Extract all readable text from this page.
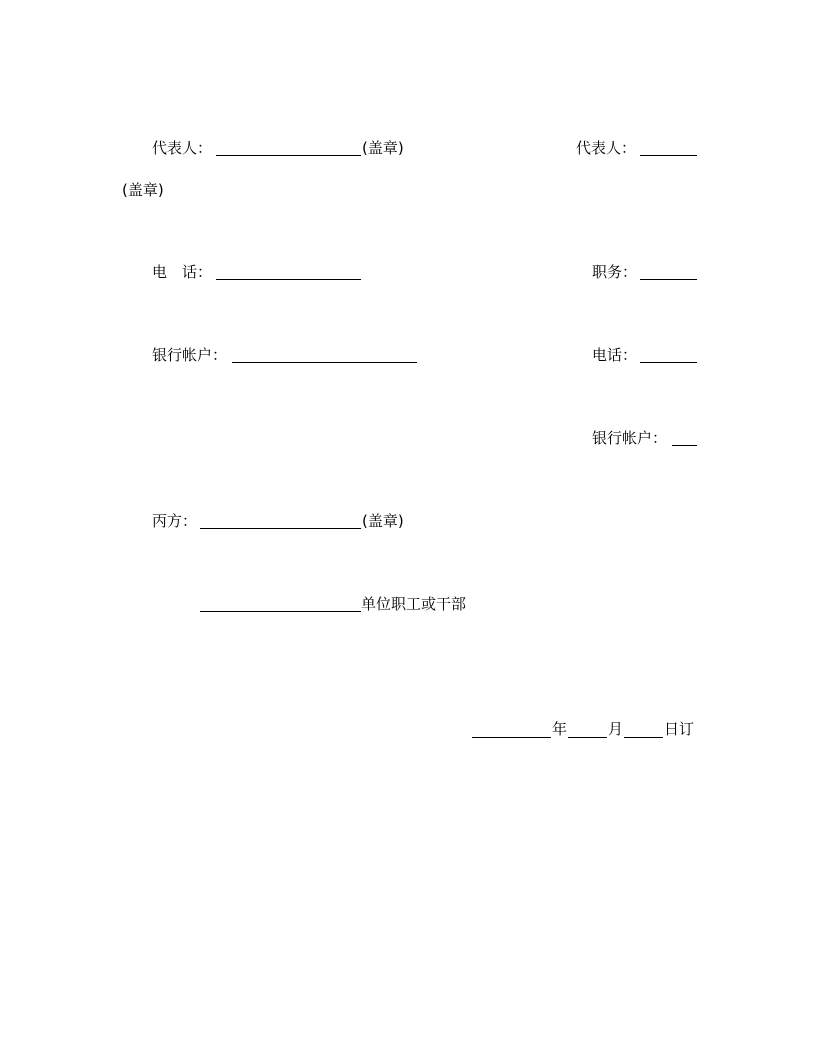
代表人：	(盖章)	代表人：
(盖章)
电　话：	职务：
银行帐户：	电话：
银行帐户：
丙方：	(盖章)
单位职工或干部
年	月	日订
